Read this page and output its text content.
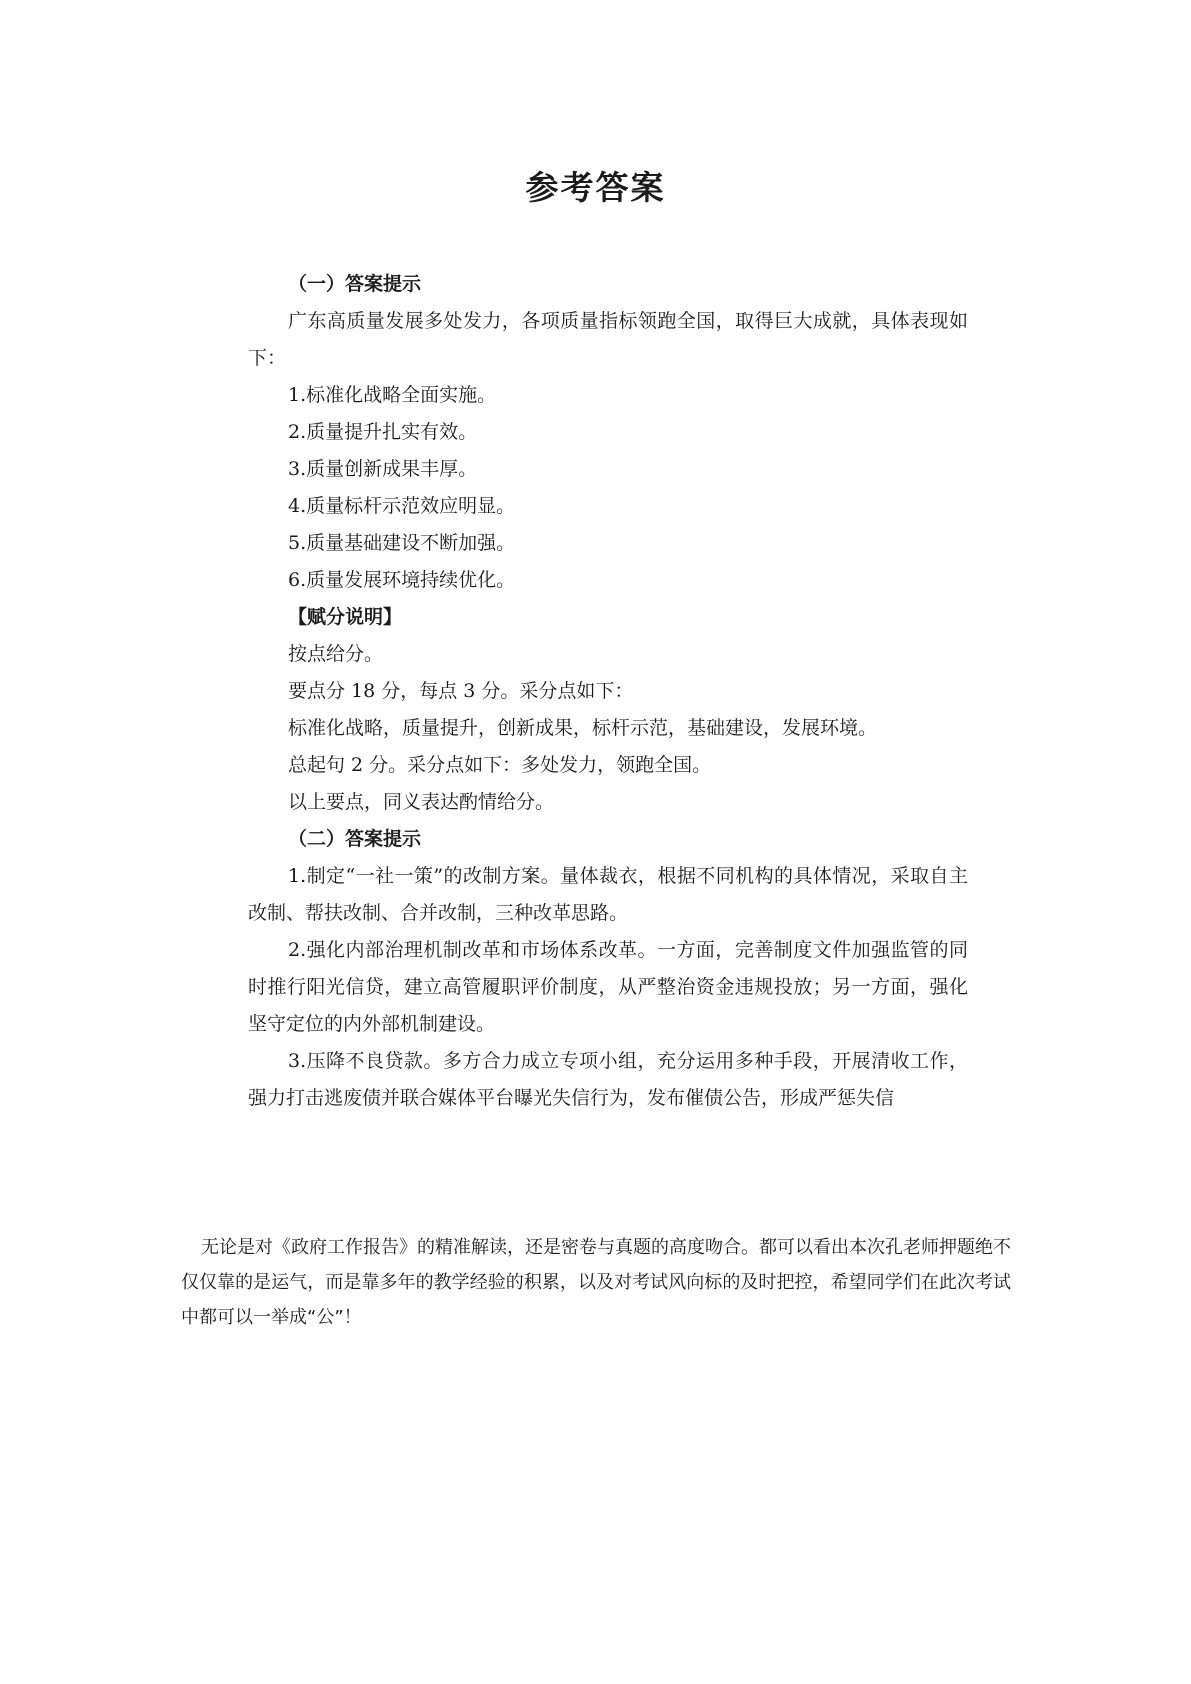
参考答案

（一）答案提示

广东高质量发展多处发力，各项质量指标领跑全国，取得巨大成就，具体表现如下：

1.标准化战略全面实施。

2.质量提升扎实有效。

3.质量创新成果丰厚。

4.质量标杆示范效应明显。

5.质量基础建设不断加强。

6.质量发展环境持续优化。

【赋分说明】

按点给分。

要点分 18 分，每点 3 分。采分点如下：

标准化战略，质量提升，创新成果，标杆示范，基础建设，发展环境。

总起句 2 分。采分点如下：多处发力，领跑全国。

以上要点，同义表达酌情给分。

（二）答案提示

1.制定“一社一策”的改制方案。量体裁衣，根据不同机构的具体情况，采取自主改制、帮扶改制、合并改制，三种改革思路。

2.强化内部治理机制改革和市场体系改革。一方面，完善制度文件加强监管的同时推行阳光信贷，建立高管履职评价制度，从严整治资金违规投放；另一方面，强化坚守定位的内外部机制建设。

3.压降不良贷款。多方合力成立专项小组，充分运用多种手段，开展清收工作，强力打击逃废债并联合媒体平台曝光失信行为，发布催债公告，形成严惩失信

无论是对《政府工作报告》的精准解读，还是密卷与真题的高度吻合。都可以看出本次孔老师押题绝不仅仅靠的是运气，而是靠多年的教学经验的积累，以及对考试风向标的及时把控，希望同学们在此次考试中都可以一举成“公”！
